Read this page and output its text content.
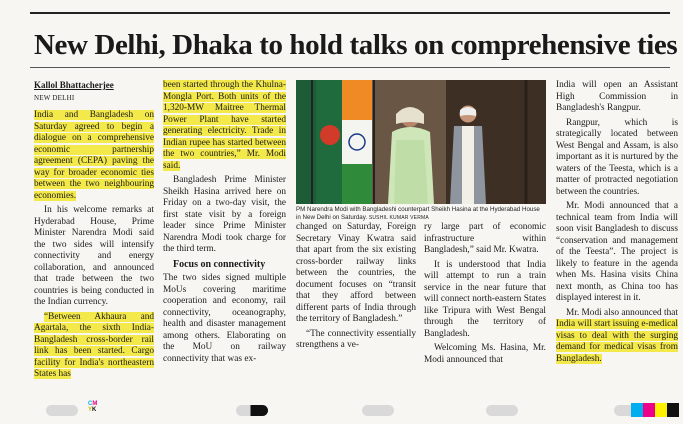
New Delhi, Dhaka to hold talks on comprehensive ties
Kallol Bhattacherjee
NEW DELHI

India and Bangladesh on Saturday agreed to begin a dialogue on a comprehensive economic partnership agreement (CEPA) paving the way for broader economic ties between the two neighbouring economies.

In his welcome remarks at Hyderabad House, Prime Minister Narendra Modi said the two sides will intensify connectivity and energy collaboration, and announced that trade between the two countries is being conducted in the Indian currency.

“Between Akhaura and Agartala, the sixth India-Bangladesh cross-border rail link has been started. Cargo facility for India's northeastern States has

been started through the Khulna-Mongla Port. Both units of the 1,320-MW Maitree Thermal Power Plant have started generating electricity. Trade in Indian rupee has started between the two countries,” Mr. Modi said.

Bangladesh Prime Minister Sheikh Hasina arrived here on Friday on a two-day visit, the first state visit by a foreign leader since Prime Minister Narendra Modi took charge for the third term.

Focus on connectivity

The two sides signed multiple MoUs covering maritime cooperation and economy, rail connectivity, oceanography, health and disaster management among others. Elaborating on the MoU on railway connectivity that was ex-

PM Narendra Modi with Bangladeshi counterpart Sheikh Hasina at the Hyderabad House in New Delhi on Saturday. SUSHIL KUMAR VERMA

changed on Saturday, Foreign Secretary Vinay Kwatra said that apart from the six existing cross-border railway links between the countries, the document focuses on “transit that they afford between different parts of India through the territory of Bangladesh.”

“The connectivity essentially strengthens a ve-

ry large part of economic infrastructure within Bangladesh,” said Mr. Kwatra.

It is understood that India will attempt to run a train service in the near future that will connect north-eastern States like Tripura with West Bengal through the territory of Bangladesh.

Welcoming Ms. Hasina, Mr. Modi announced that

India will open an Assistant High Commission in Bangladesh's Rangpur.

Rangpur, which is strategically located between West Bengal and Assam, is also important as it is nurtured by the waters of the Teesta, which is a matter of protracted negotiation between the countries.

Mr. Modi announced that a technical team from India will soon visit Bangladesh to discuss “conservation and management of the Teesta”. The project is likely to feature in the agenda when Ms. Hasina visits China next month, as China too has displayed interest in it.

Mr. Modi also announced that India will start issuing e-medical visas to deal with the surging demand for medical visas from Bangladesh.

CM
YK
